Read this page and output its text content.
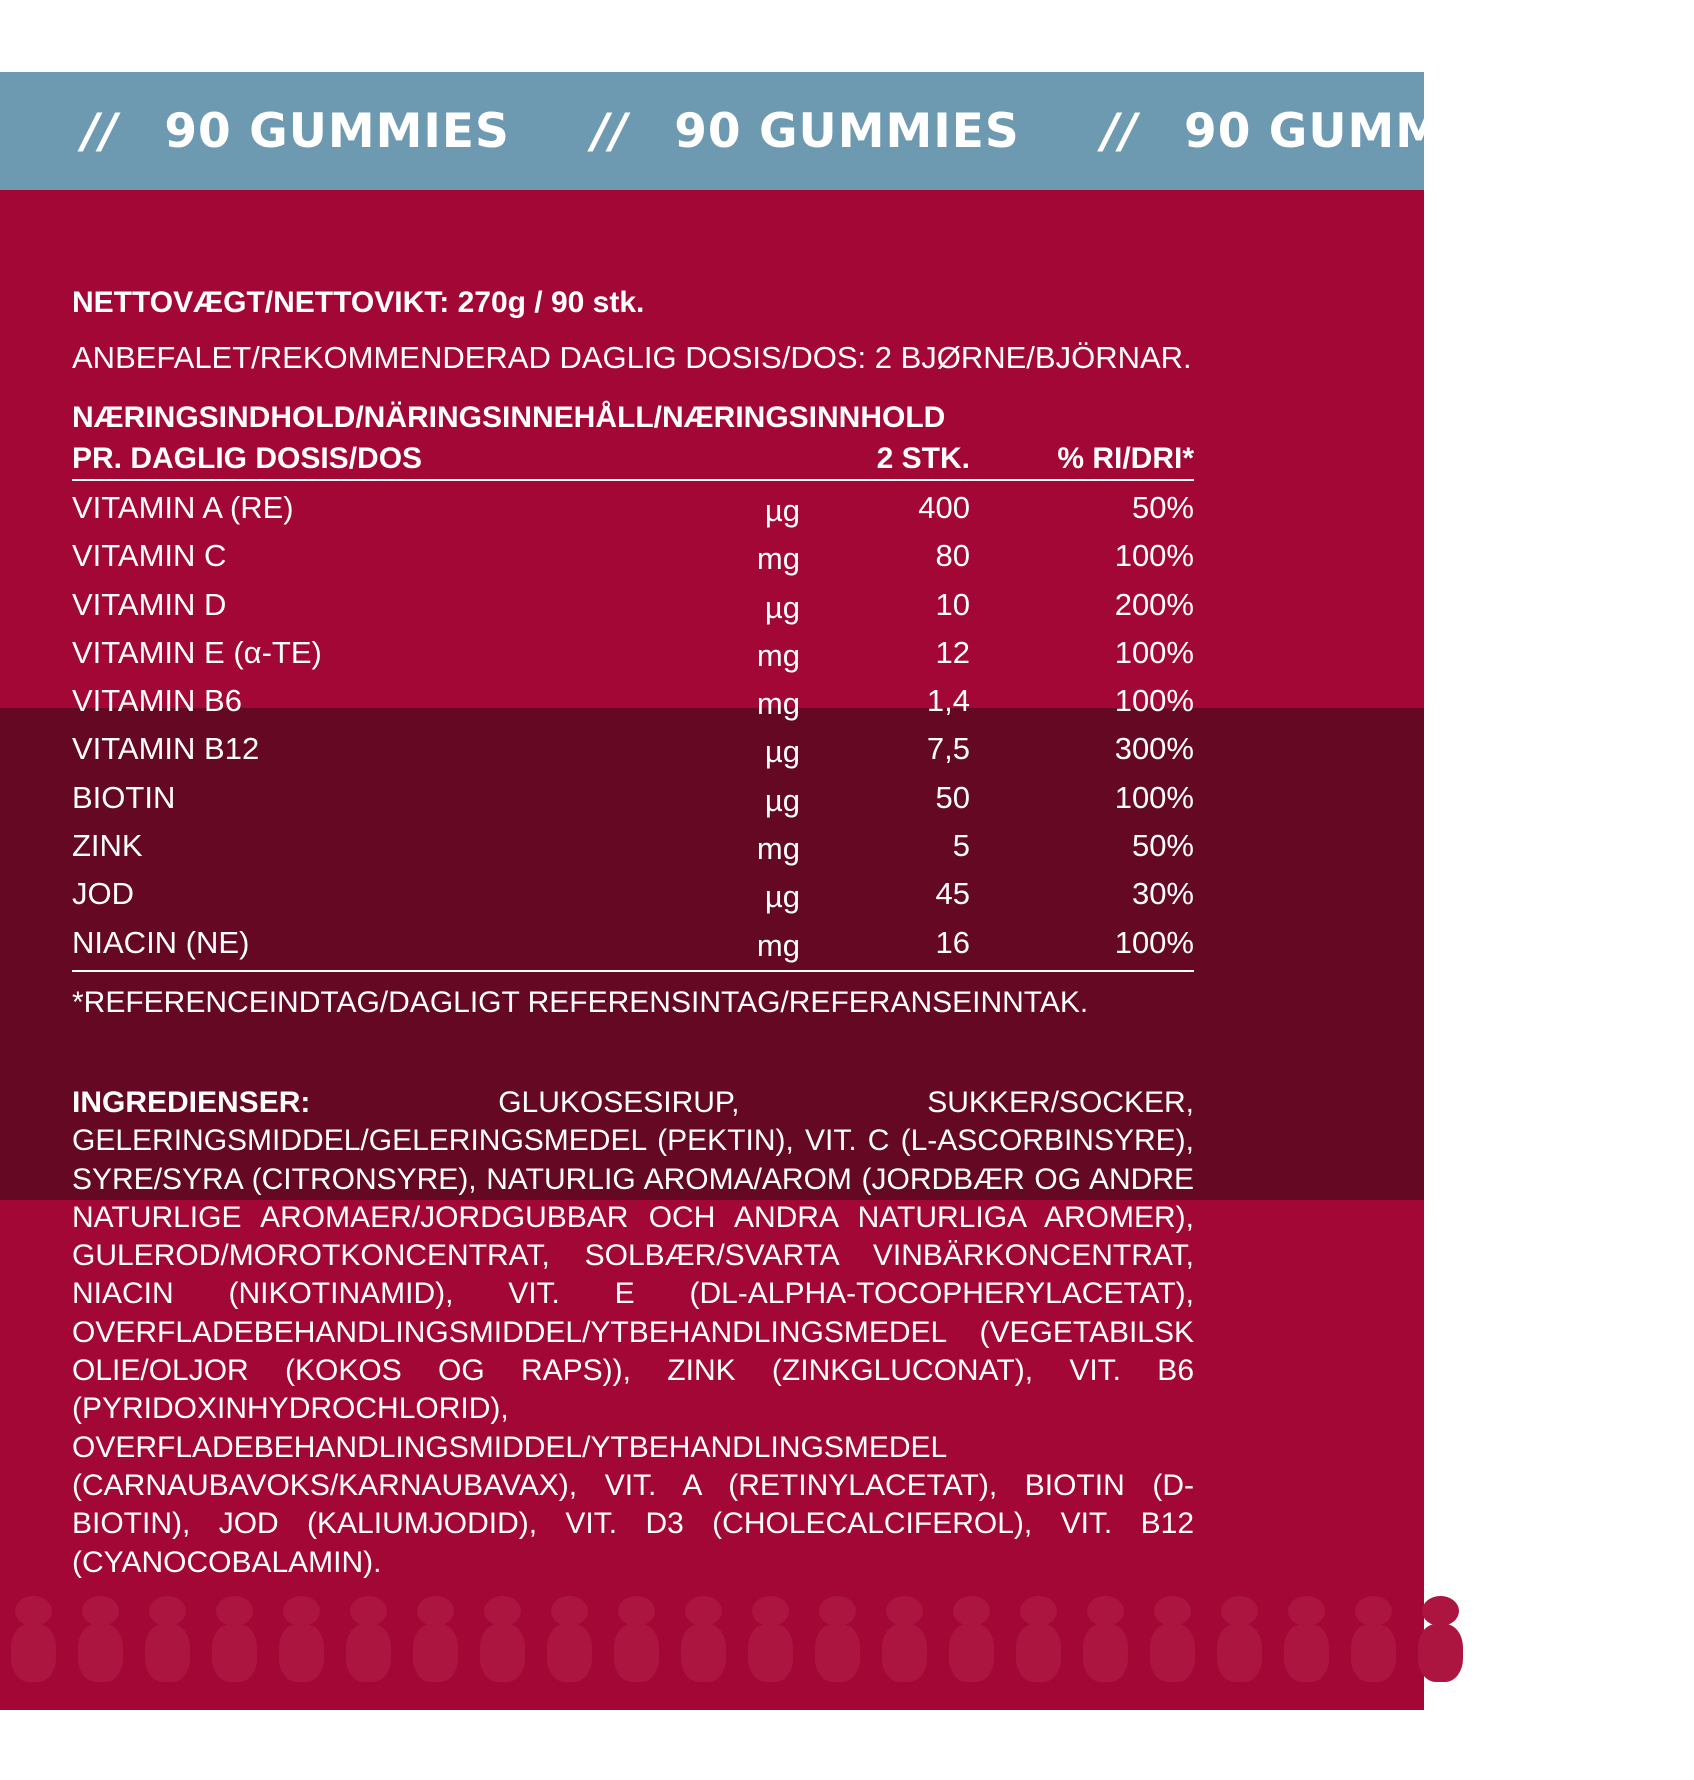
// 90 GUMMIES // 90 GUMMIES // 90 GUMMIES //
NETTOVÆGT/NETTOVIKT: 270g / 90 stk.
ANBEFALET/REKOMMENDERAD DAGLIG DOSIS/DOS: 2 BJØRNE/BJÖRNAR.
NÆRINGSINDHOLD/NÄRINGSINNEHÅLL/NÆRINGSINNHOLD
PR. DAGLIG DOSIS/DOS	2 STK.	% RI/DRI*
VITAMIN A (RE)	µg	400	50%
VITAMIN C	mg	80	100%
VITAMIN D	µg	10	200%
VITAMIN E (α-TE)	mg	12	100%
VITAMIN B6	mg	1,4	100%
VITAMIN B12	µg	7,5	300%
BIOTIN	µg	50	100%
ZINK	mg	5	50%
JOD	µg	45	30%
NIACIN (NE)	mg	16	100%
*REFERENCEINDTAG/DAGLIGT REFERENSINTAG/REFERANSEINNTAK.
INGREDIENSER:	GLUKOSESIRUP, SUKKER/SOCKER, GELERINGSMIDDEL/GELERINGSMEDEL (PEKTIN), VIT. C (L-ASCORBINSYRE), SYRE/SYRA (CITRONSYRE), NATURLIG AROMA/AROM (JORDBÆR OG ANDRE NATURLIGE AROMAER/JORDGUBBAR OCH ANDRA NATURLIGA AROMER), GULEROD/MOROTKONCENTRAT, SOLBÆR/SVARTA VINBÄRKONCENTRAT, NIACIN (NIKOTINAMID), VIT. E (DL-ALPHA-TOCOPHERYLACETAT), OVERFLADEBEHANDLINGSMIDDEL/YTBEHANDLINGSMEDEL (VEGETABILSK OLIE/OLJOR (KOKOS OG RAPS)), ZINK (ZINKGLUCONAT), VIT. B6 (PYRIDOXINHYDROCHLORID), OVERFLADEBEHANDLINGSMIDDEL/YTBEHANDLINGSMEDEL (CARNAUBAVOKS/KARNAUBAVAX), VIT. A (RETINYLACETAT), BIOTIN (D-BIOTIN), JOD (KALIUMJODID), VIT. D3 (CHOLECALCIFEROL), VIT. B12 (CYANOCOBALAMIN).
